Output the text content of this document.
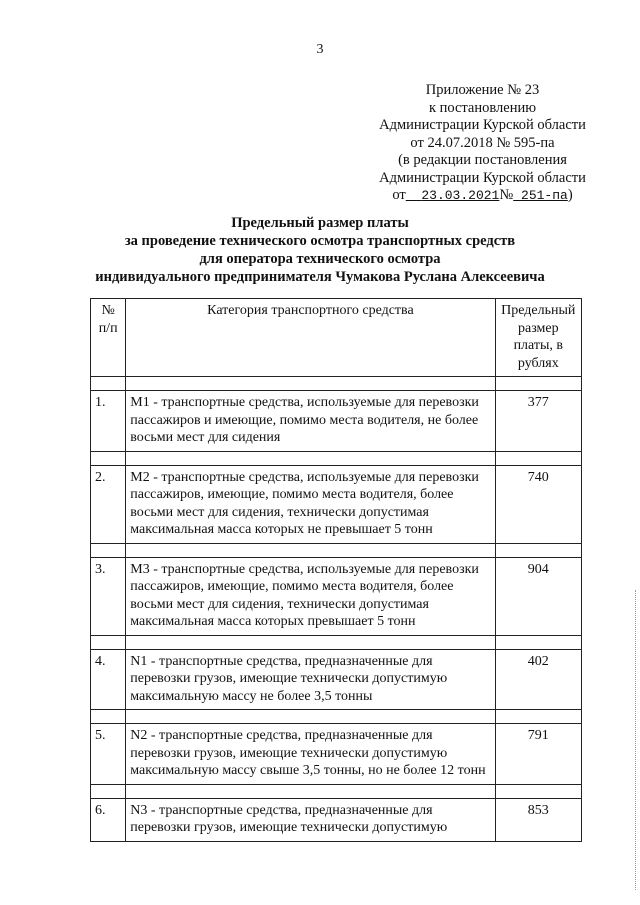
3
Приложение № 23
к постановлению
Администрации Курской области
от 24.07.2018 № 595-па
(в редакции постановления
Администрации Курской области
от 23.03.2021№ 251-па)
Предельный размер платы
за проведение технического осмотра транспортных средств
для оператора технического осмотра
индивидуального предпринимателя Чумакова Руслана Алексеевича
№ п/п	Категория транспортного средства	Предельный размер платы, в рублях

1.	М1 - транспортные средства, используемые для перевозки пассажиров и имеющие, помимо места водителя, не более восьми мест для сидения	377

2.	М2 - транспортные средства, используемые для перевозки пассажиров, имеющие, помимо места водителя, более восьми мест для сидения, технически допустимая максимальная масса которых не превышает 5 тонн	740

3.	М3 - транспортные средства, используемые для перевозки пассажиров, имеющие, помимо места водителя, более восьми мест для сидения, технически допустимая максимальная масса которых превышает 5 тонн	904

4.	N1 - транспортные средства, предназначенные для перевозки грузов, имеющие технически допустимую максимальную массу не более 3,5 тонны	402

5.	N2 - транспортные средства, предназначенные для перевозки грузов, имеющие технически допустимую максимальную массу свыше 3,5 тонны, но не более 12 тонн	791

6.	N3 - транспортные средства, предназначенные для перевозки грузов, имеющие технически допустимую	853
